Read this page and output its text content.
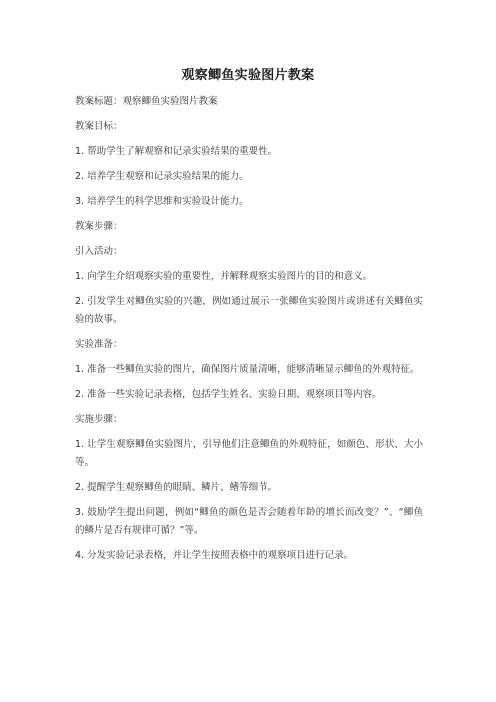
观察鲫鱼实验图片教案

教案标题：观察鲫鱼实验图片教案

教案目标：

1. 帮助学生了解观察和记录实验结果的重要性。

2. 培养学生观察和记录实验结果的能力。

3. 培养学生的科学思维和实验设计能力。

教案步骤：

引入活动：

1. 向学生介绍观察实验的重要性，并解释观察实验图片的目的和意义。

2. 引发学生对鲫鱼实验的兴趣，例如通过展示一张鲫鱼实验图片或讲述有关鲫鱼实验的故事。

实验准备：

1. 准备一些鲫鱼实验的图片，确保图片质量清晰，能够清晰显示鲫鱼的外观特征。

2. 准备一些实验记录表格，包括学生姓名、实验日期、观察项目等内容。

实施步骤：

1. 让学生观察鲫鱼实验图片，引导他们注意鲫鱼的外观特征，如颜色、形状、大小等。

2. 提醒学生观察鲫鱼的眼睛、鳞片、鳍等细节。

3. 鼓励学生提出问题，例如“鲫鱼的颜色是否会随着年龄的增长而改变？”、“鲫鱼的鳞片是否有规律可循？”等。

4. 分发实验记录表格，并让学生按照表格中的观察项目进行记录。
